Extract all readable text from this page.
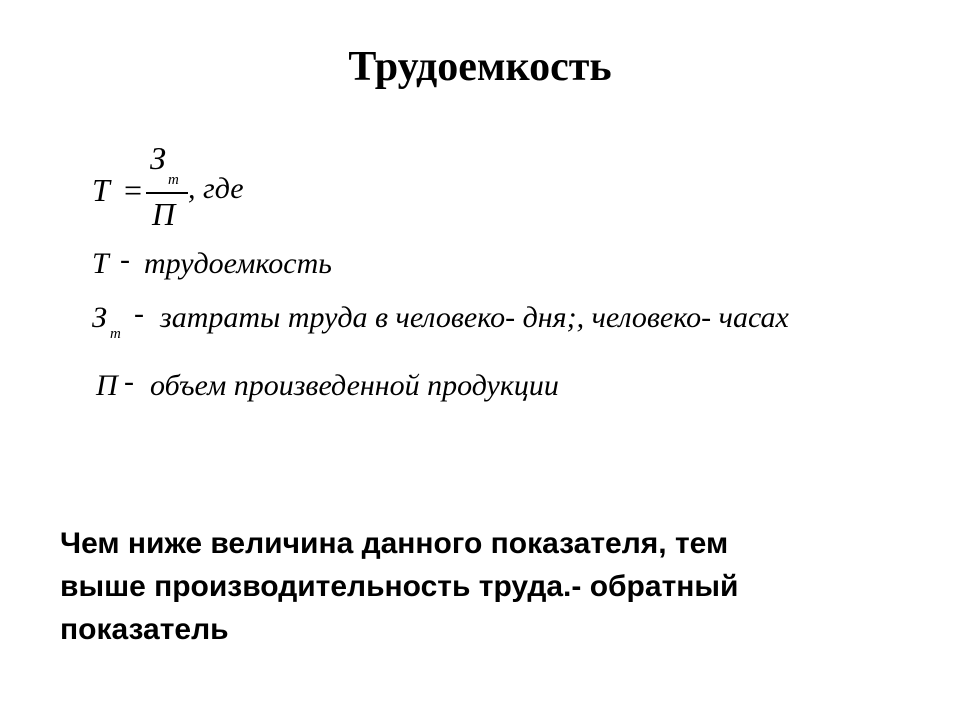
Трудоемкость
Т =
З
т
П
, где
Т - трудоемкость
З т
- затраты труда в человеко- дня;, человеко- часах
П - объем произведенной продукции
Чем ниже величина данного показателя, тем
выше производительность труда.- обратный
показатель
